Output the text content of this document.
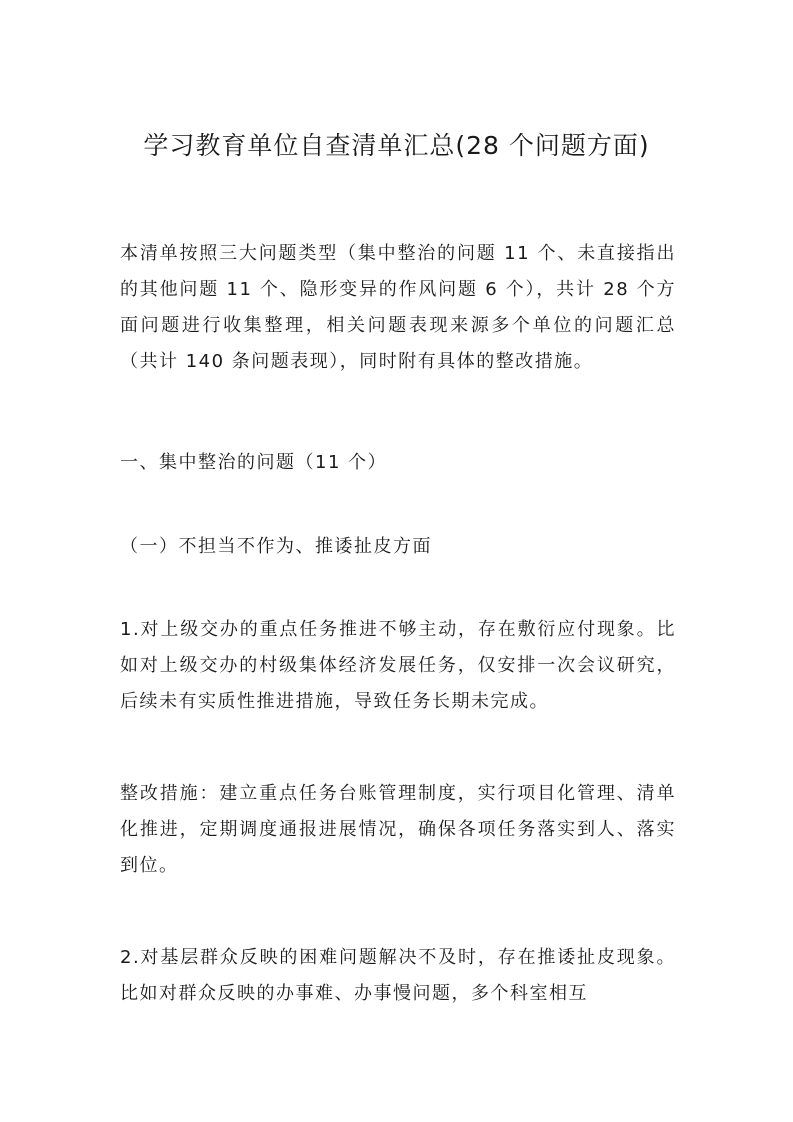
学习教育单位自查清单汇总(28 个问题方面)

本清单按照三大问题类型（集中整治的问题 11 个、未直接指出的其他问题 11 个、隐形变异的作风问题 6 个），共计 28 个方面问题进行收集整理，相关问题表现来源多个单位的问题汇总（共计 140 条问题表现），同时附有具体的整改措施。

一、集中整治的问题（11 个）

（一）不担当不作为、推诿扯皮方面

1.对上级交办的重点任务推进不够主动，存在敷衍应付现象。比如对上级交办的村级集体经济发展任务，仅安排一次会议研究，后续未有实质性推进措施，导致任务长期未完成。

整改措施：建立重点任务台账管理制度，实行项目化管理、清单化推进，定期调度通报进展情况，确保各项任务落实到人、落实到位。

2.对基层群众反映的困难问题解决不及时，存在推诿扯皮现象。比如对群众反映的办事难、办事慢问题，多个科室相互
